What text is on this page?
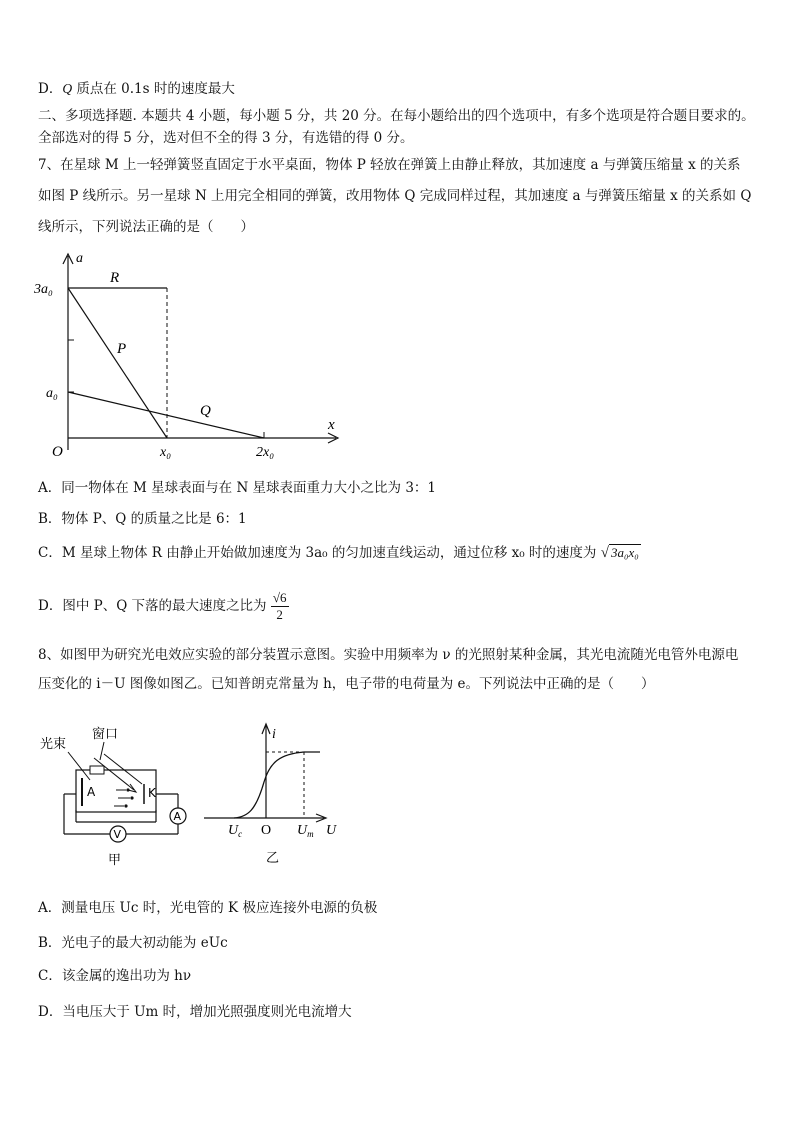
D．Q 质点在 0.1s 时的速度最大
二、多项选择题. 本题共 4 小题，每小题 5 分，共 20 分。在每小题给出的四个选项中，有多个选项是符合题目要求的。
全部选对的得 5 分，选对但不全的得 3 分，有选错的得 0 分。
7、在星球 M 上一轻弹簧竖直固定于水平桌面，物体 P 轻放在弹簧上由静止释放，其加速度 a 与弹簧压缩量 x 的关系
如图 P 线所示。另一星球 N 上用完全相同的弹簧，改用物体 Q 完成同样过程，其加速度 a 与弹簧压缩量 x 的关系如 Q
线所示，下列说法正确的是（　　）
a
x
O
3a₀
a₀
x₀	2x₀
R
P
Q
A．同一物体在 M 星球表面与在 N 星球表面重力大小之比为 3：1
B．物体 P、Q 的质量之比是 6：1
C．M 星球上物体 R 由静止开始做加速度为 3a₀ 的匀加速直线运动，通过位移 x₀ 时的速度为 √ 3a₀x₀
D．图中 P、Q 下落的最大速度之比为 $\frac{√6}{2}$
8、如图甲为研究光电效应实验的部分装置示意图。实验中用频率为 ν 的光照射某种金属，其光电流随光电管外电源电
压变化的 i－U 图像如图乙。已知普朗克常量为 h，电子带的电荷量为 e。下列说法中正确的是（　　）
光束
窗口
A	K
V
A
甲
i
U
$U_c$ O $U_m$
乙
A．测量电压 Uc 时，光电管的 K 极应连接外电源的负极
B．光电子的最大初动能为 eUc
C．该金属的逸出功为 hν
D．当电压大于 Um 时，增加光照强度则光电流增大
